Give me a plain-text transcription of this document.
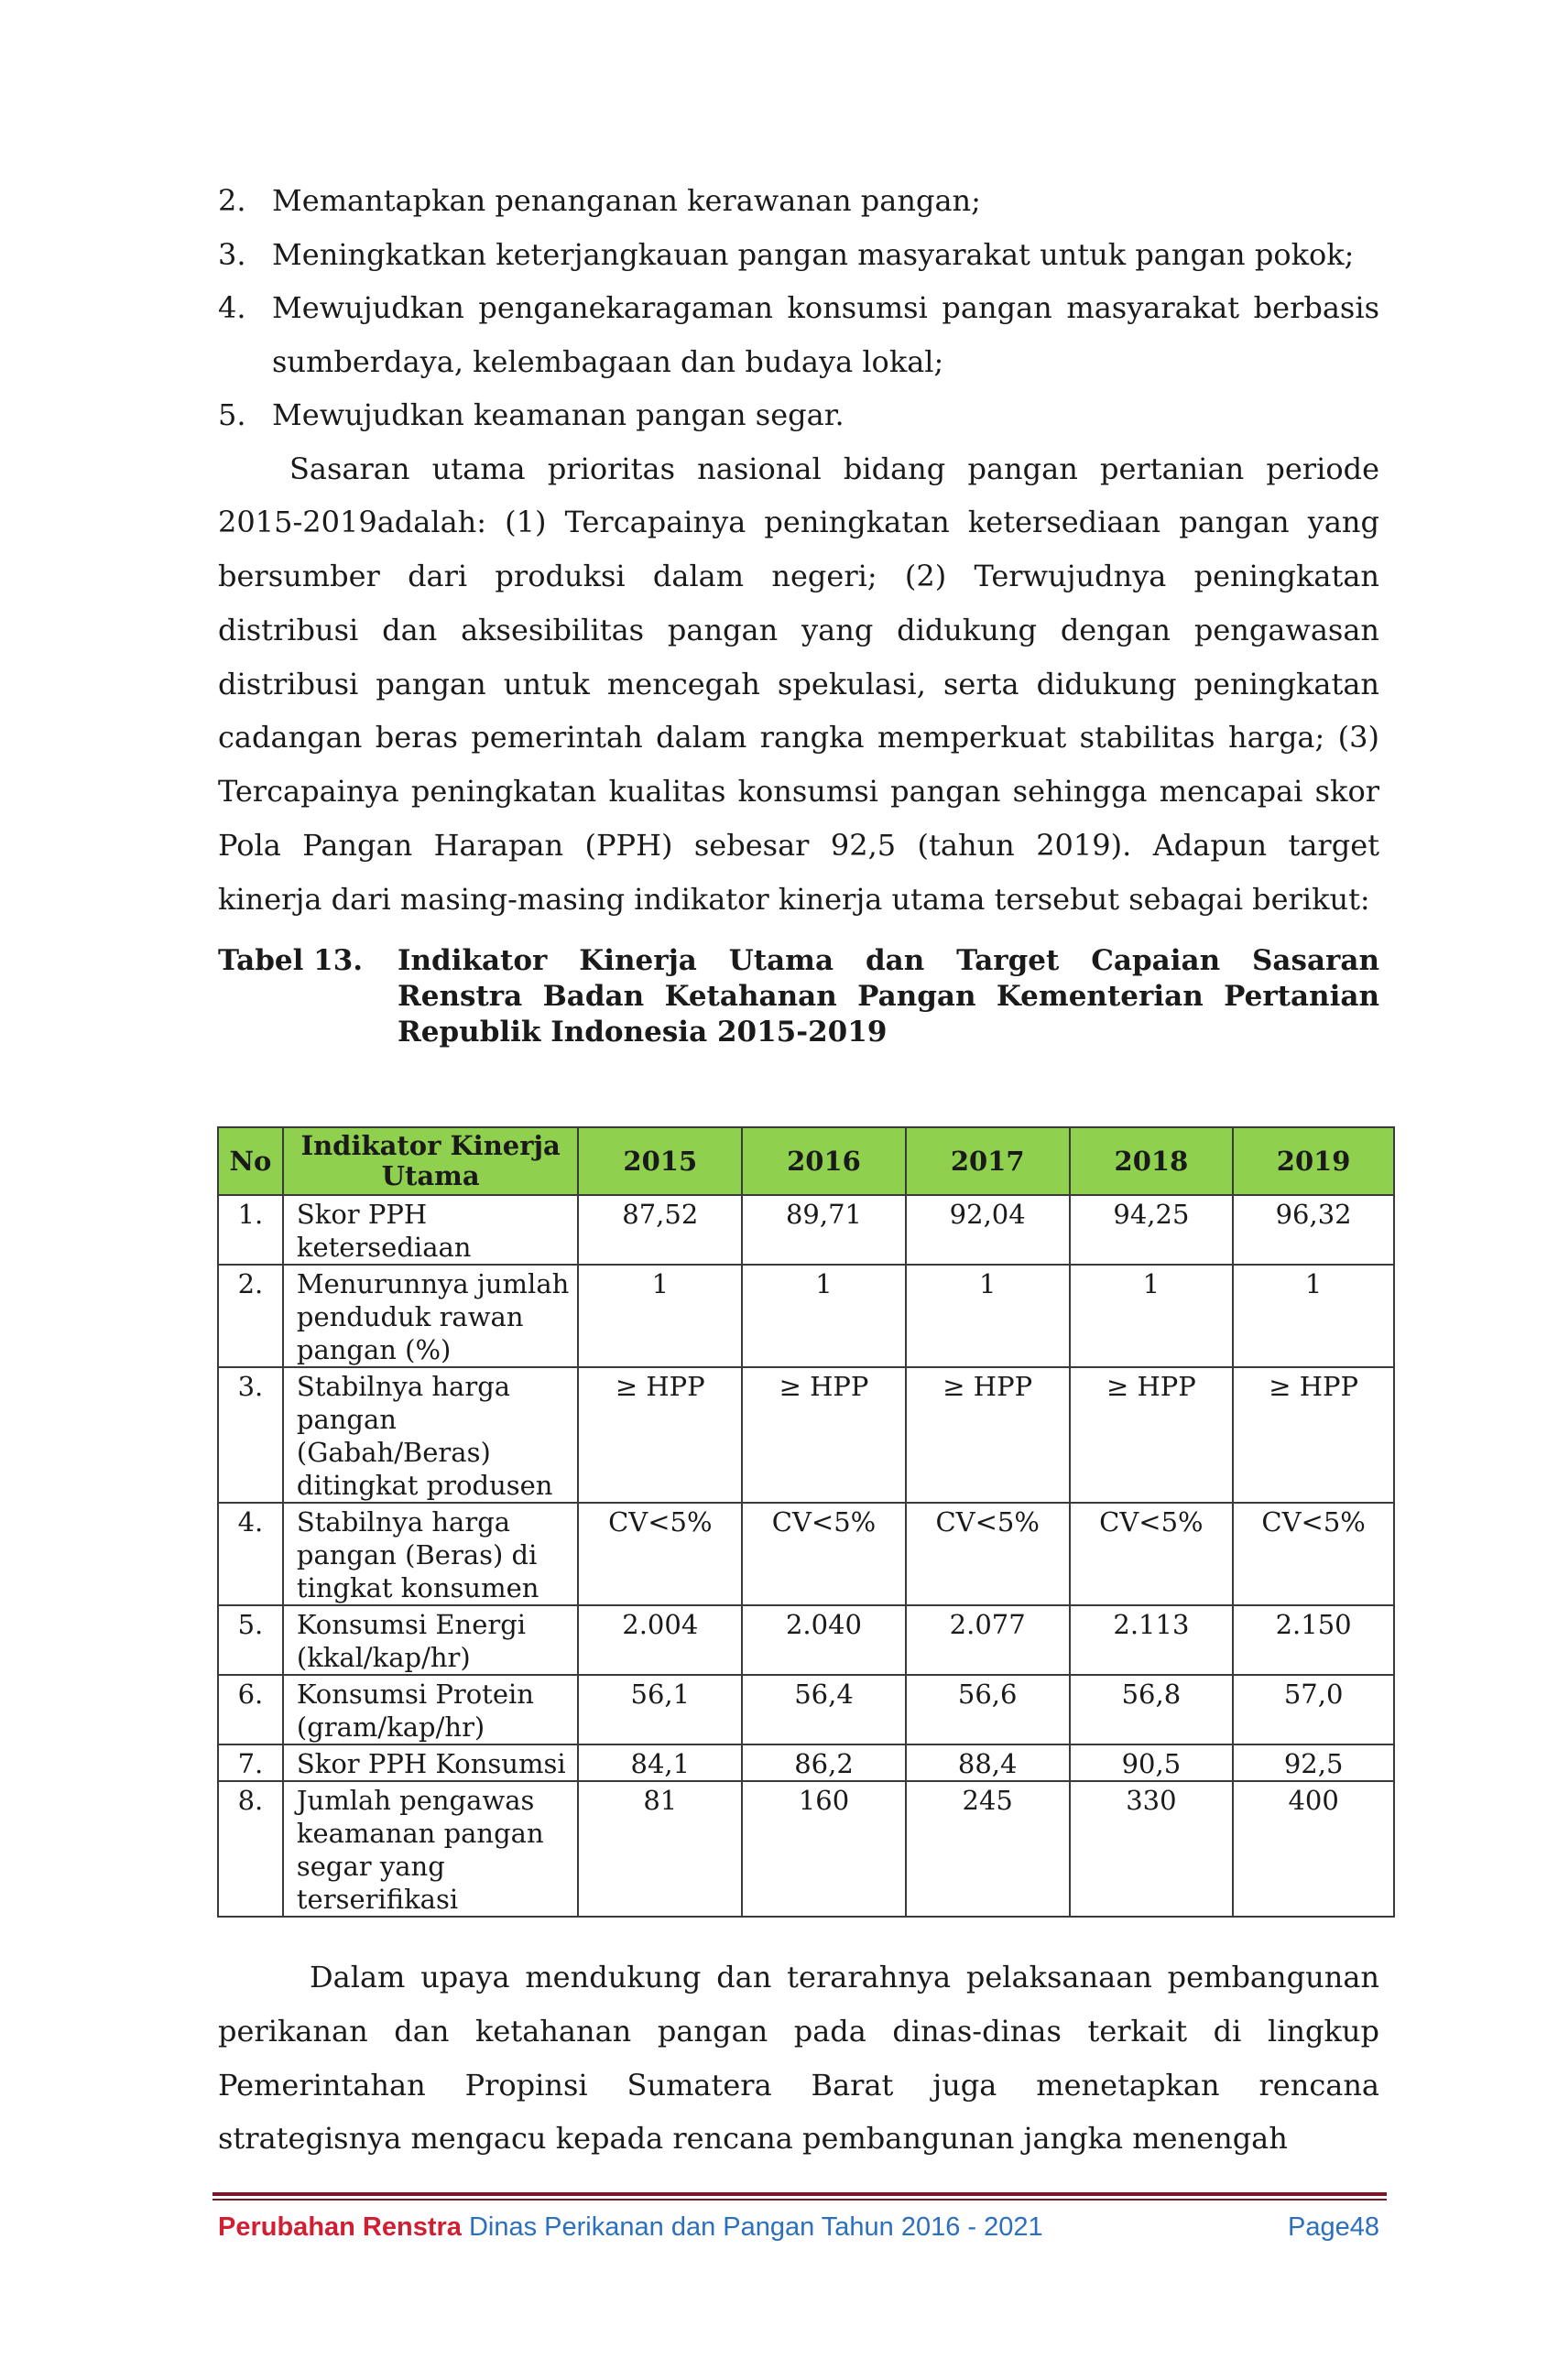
2. Memantapkan penanganan kerawanan pangan;
3. Meningkatkan keterjangkauan pangan masyarakat untuk pangan pokok;
4. Mewujudkan penganekaragaman konsumsi pangan masyarakat berbasis sumberdaya, kelembagaan dan budaya lokal;
5. Mewujudkan keamanan pangan segar.

Sasaran utama prioritas nasional bidang pangan pertanian periode 2015-2019adalah: (1) Tercapainya peningkatan ketersediaan pangan yang bersumber dari produksi dalam negeri; (2) Terwujudnya peningkatan distribusi dan aksesibilitas pangan yang didukung dengan pengawasan distribusi pangan untuk mencegah spekulasi, serta didukung peningkatan cadangan beras pemerintah dalam rangka memperkuat stabilitas harga; (3) Tercapainya peningkatan kualitas konsumsi pangan sehingga mencapai skor Pola Pangan Harapan (PPH) sebesar 92,5 (tahun 2019). Adapun target kinerja dari masing-masing indikator kinerja utama tersebut sebagai berikut:

Tabel 13.	Indikator Kinerja Utama dan Target Capaian Sasaran Renstra Badan Ketahanan Pangan Kementerian Pertanian Republik Indonesia 2015-2019
No	Indikator Kinerja Utama	2015	2016	2017	2018	2019
1.	Skor PPH ketersediaan	87,52	89,71	92,04	94,25	96,32
2.	Menurunnya jumlah penduduk rawan pangan (%)	1	1	1	1	1
3.	Stabilnya harga pangan (Gabah/Beras) ditingkat produsen	≥ HPP	≥ HPP	≥ HPP	≥ HPP	≥ HPP
4.	Stabilnya harga pangan (Beras) di tingkat konsumen	CV<5%	CV<5%	CV<5%	CV<5%	CV<5%
5.	Konsumsi Energi (kkal/kap/hr)	2.004	2.040	2.077	2.113	2.150
6.	Konsumsi Protein (gram/kap/hr)	56,1	56,4	56,6	56,8	57,0
7.	Skor PPH Konsumsi	84,1	86,2	88,4	90,5	92,5
8.	Jumlah pengawas keamanan pangan segar yang terserifikasi	81	160	245	330	400

Dalam upaya mendukung dan terarahnya pelaksanaan pembangunan perikanan dan ketahanan pangan pada dinas-dinas terkait di lingkup Pemerintahan Propinsi Sumatera Barat juga menetapkan rencana strategisnya mengacu kepada rencana pembangunan jangka menengah

Perubahan Renstra Dinas Perikanan dan Pangan Tahun 2016 - 2021	Page48
